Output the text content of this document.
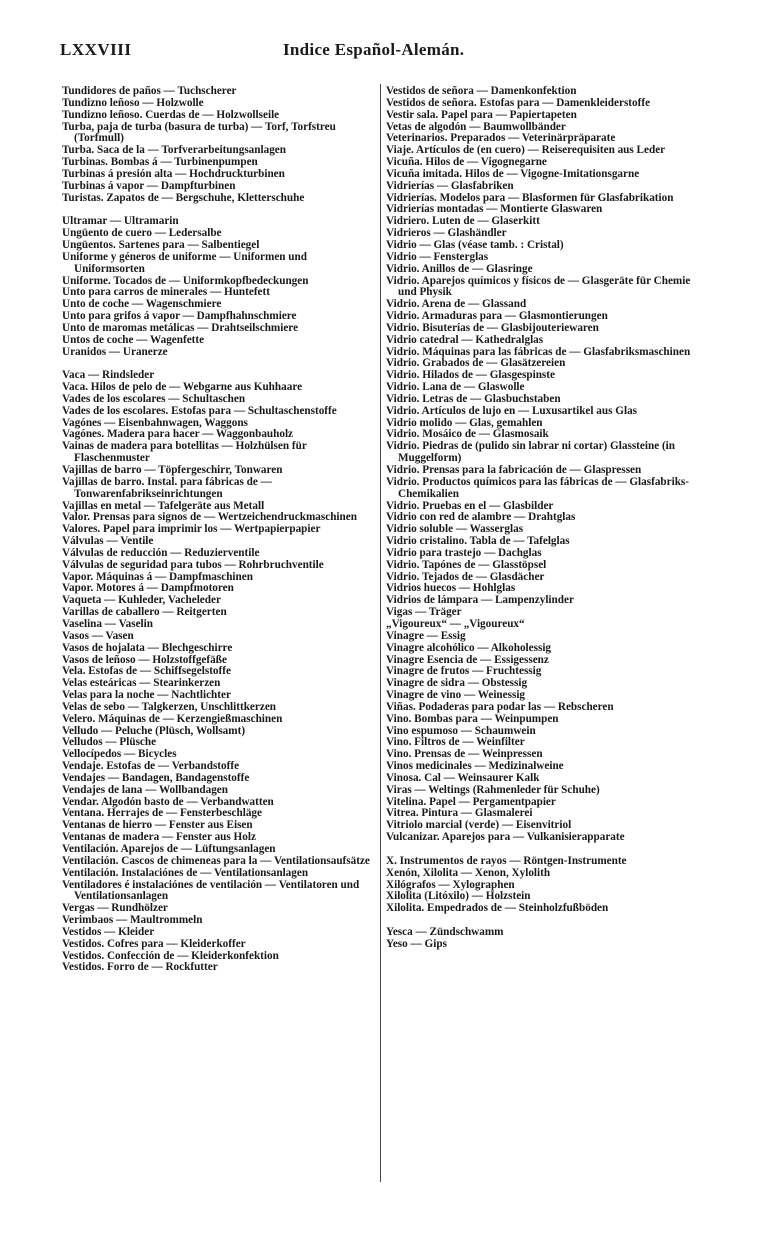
LXXVIII	Indice Español-Alemán.
Tundidores de paños — Tuchscherer
Tundizno leñoso — Holzwolle
Tundizno leñoso. Cuerdas de — Holzwollseile
Turba, paja de turba (basura de turba) — Torf, Torfstreu (Torfmull)
Turba. Saca de la — Torfverarbeitungsanlagen
Turbinas. Bombas á — Turbinenpumpen
Turbinas á presión alta — Hochdruckturbinen
Turbinas á vapor — Dampfturbinen
Turistas. Zapatos de — Bergschuhe, Kletterschuhe
Ultramar — Ultramarin
Ungüento de cuero — Ledersalbe
Ungüentos. Sartenes para — Salbentiegel
Uniforme y géneros de uniforme — Uniformen und Uniformsorten
Uniforme. Tocados de — Uniformkopfbedeckungen
Unto para carros de minerales — Huntefett
Unto de coche — Wagenschmiere
Unto para grifos á vapor — Dampfhahnschmiere
Unto de maromas metálicas — Drahtseilschmiere
Untos de coche — Wagenfette
Uranidos — Uranerze
Vaca — Rindsleder
Vaca. Hilos de pelo de — Webgarne aus Kuhhaare
Vades de los escolares — Schultaschen
Vades de los escolares. Estofas para — Schultaschenstoffe
Vagónes — Eisenbahnwagen, Waggons
Vagónes. Madera para hacer — Waggonbauholz
Vainas de madera para botellitas — Holzhülsen für Flaschenmuster
Vajillas de barro — Töpfergeschirr, Tonwaren
Vajillas de barro. Instal. para fábricas de — Tonwarenfabrikseinrichtungen
Vajillas en metal — Tafelgeräte aus Metall
Valor. Prensas para signos de — Wertzeichendruckmaschinen
Valores. Papel para imprimir los — Wertpapierpapier
Válvulas — Ventile
Válvulas de reducción — Reduzierventile
Válvulas de seguridad para tubos — Rohrbruchventile
Vapor. Máquinas á — Dampfmaschinen
Vapor. Motores á — Dampfmotoren
Vaqueta — Kuhleder, Vacheleder
Varillas de caballero — Reitgerten
Vaselina — Vaselin
Vasos — Vasen
Vasos de hojalata — Blechgeschirre
Vasos de leñoso — Holzstoffgefäße
Vela. Estofas de — Schiffsegelstoffe
Velas esteáricas — Stearinkerzen
Velas para la noche — Nachtlichter
Velas de sebo — Talgkerzen, Unschlittkerzen
Velero. Máquinas de — Kerzengießmaschinen
Velludo — Peluche (Plüsch, Wollsamt)
Velludos — Plüsche
Vellocípedos — Bicycles
Vendaje. Estofas de — Verbandstoffe
Vendajes — Bandagen, Bandagenstoffe
Vendajes de lana — Wollbandagen
Vendar. Algodón basto de — Verbandwatten
Ventana. Herrajes de — Fensterbeschläge
Ventanas de hierro — Fenster aus Eisen
Ventanas de madera — Fenster aus Holz
Ventilación. Aparejos de — Lüftungsanlagen
Ventilación. Cascos de chimeneas para la — Ventilationsaufsätze
Ventilación. Instalaciónes de — Ventilationsanlagen
Ventiladores é instalaciónes de ventilación — Ventilatoren und Ventilationsanlagen
Vergas — Rundhölzer
Verimbaos — Maultrommeln
Vestidos — Kleider
Vestidos. Cofres para — Kleiderkoffer
Vestidos. Confección de — Kleiderkonfektion
Vestidos. Forro de — Rockfutter
Vestidos de señora — Damenkonfektion
Vestidos de señora. Estofas para — Damenkleiderstoffe
Vestir sala. Papel para — Papiertapeten
Vetas de algodón — Baumwollbänder
Veterinarios. Preparados — Veterinärpräparate
Viaje. Artículos de (en cuero) — Reiserequisiten aus Leder
Vicuña. Hilos de — Vigognegarne
Vicuña imitada. Hilos de — Vigogne-Imitationsgarne
Vidrierías — Glasfabriken
Vidrierías. Modelos para — Blasformen für Glasfabrikation
Vidrierías montadas — Montierte Glaswaren
Vidriero. Luten de — Glaserkitt
Vidrieros — Glashändler
Vidrio — Glas (véase tamb. : Cristal)
Vidrio — Fensterglas
Vidrio. Anillos de — Glasringe
Vidrio. Aparejos químicos y físicos de — Glasgeräte für Chemie und Physik
Vidrio. Arena de — Glassand
Vidrio. Armaduras para — Glasmontierungen
Vidrio. Bisuterías de — Glasbijouteriewaren
Vidrio catedral — Kathedralglas
Vidrio. Máquinas para las fábricas de — Glasfabriksmaschinen
Vidrio. Grabados de — Glasätzereien
Vidrio. Hilados de — Glasgespinste
Vidrio. Lana de — Glaswolle
Vidrio. Letras de — Glasbuchstaben
Vidrio. Artículos de lujo en — Luxusartikel aus Glas
Vidrio molido — Glas, gemahlen
Vidrio. Mosáico de — Glasmosaik
Vidrio. Piedras de (pulido sin labrar ni cortar) Glassteine (in Muggelform)
Vidrio. Prensas para la fabricación de — Glaspressen
Vidrio. Productos químicos para las fábricas de — Glasfabriks-Chemikalien
Vidrio. Pruebas en el — Glasbilder
Vidrio con red de alambre — Drahtglas
Vidrio soluble — Wasserglas
Vidrio cristalino. Tabla de — Tafelglas
Vidrio para trastejo — Dachglas
Vidrio. Tapónes de — Glasstöpsel
Vidrio. Tejados de — Glasdächer
Vidrios huecos — Hohlglas
Vidrios de lámpara — Lampenzylinder
Vigas — Träger
„Vigoureux“ — „Vigoureux“
Vinagre — Essig
Vinagre alcohólico — Alkoholessig
Vinagre Esencia de — Essigessenz
Vinagre de frutos — Fruchtessig
Vinagre de sidra — Obstessig
Vinagre de vino — Weinessig
Viñas. Podaderas para podar las — Rebscheren
Vino. Bombas para — Weinpumpen
Vino espumoso — Schaumwein
Vino. Filtros de — Weinfilter
Vino. Prensas de — Weinpressen
Vinos medicinales — Medizinalweine
Vinosa. Cal — Weinsaurer Kalk
Viras — Weltings (Rahmenleder für Schuhe)
Vitelina. Papel — Pergamentpapier
Vitrea. Pintura — Glasmalerei
Vitriolo marcial (verde) — Eisenvitriol
Vulcanizar. Aparejos para — Vulkanisierapparate
X. Instrumentos de rayos — Röntgen-Instrumente
Xenón, Xilolita — Xenon, Xylolith
Xilógrafos — Xylographen
Xilolita (Litóxilo) — Holzstein
Xilolita. Empedrados de — Steinholzfußböden
Yesca — Zündschwamm
Yeso — Gips
